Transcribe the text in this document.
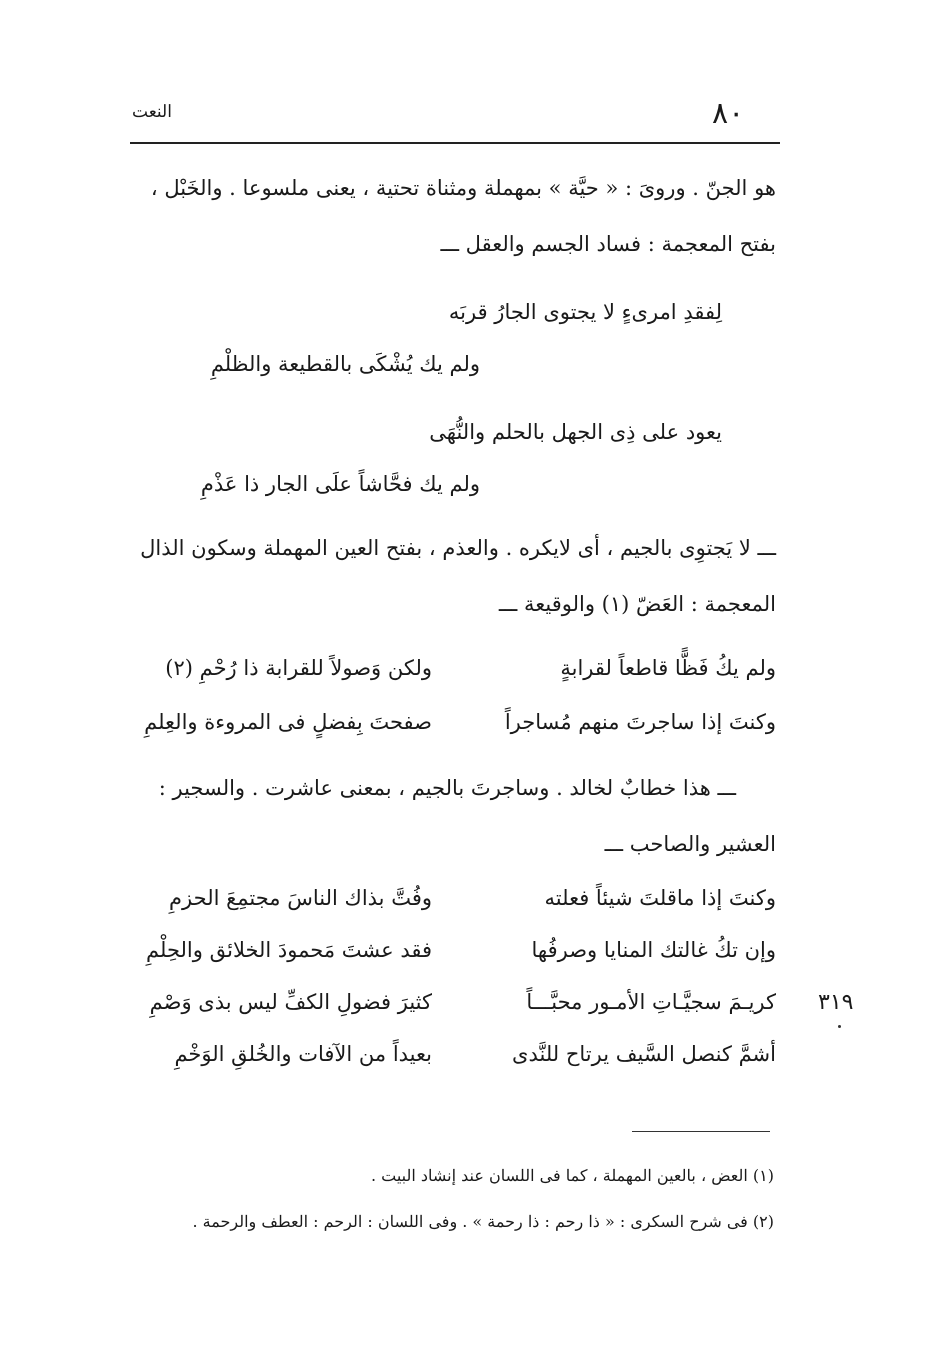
٨٠
النعت
هو الجنّ . وروىَ : « حيَّة » بمهملة ومثناة تحتية ، يعنى ملسوعا . والخَبْل ،
بفتح المعجمة : فساد الجسم والعقل ـــ
لِفقدِ امرىءٍ لا يجتوى الجارُ قربَه
ولم يك يُشْكَى بالقطيعة والظلْمِ
يعود على ذِى الجهل بالحلم والنُّهَى
ولم يك فحَّاشاً علَى الجار ذا عَذْمِ
ـــ لا يَجتوِى بالجيم ، أى لايكره . والعذم ، بفتح العين المهملة وسكون الذال
المعجمة : العَضّ (١) والوقيعة ـــ
ولم يكُ فَظًّا قاطعاً لقرابةٍ
ولكن وَصولاً للقرابة ذا رُحْمِ (٢)
وكنتَ إذا ساجرتَ منهم مُساجراً
صفحتَ بِفضلٍ فى المروءة والعِلمِ
ـــ هذا خطابٌ لخالد . وساجرتَ بالجيم ، بمعنى عاشرت . والسجير :
العشير والصاحب ـــ
وكنتَ إذا ماقلتَ شيئاً فعلته
وفُتَّ بذاك الناسَ مجتمِعَ الحزمِ
وإن تكُ غالتك المنايا وصرفُها
فقد عشتَ مَحمودَ الخلائق والحِلْمِ
كريـمَ سجيَّـاتِ الأمـور محبَّـــاً
كثيرَ فضولِ الكفِّ ليس بذى وَصْمِ
أشمَّ كنصل السَّيف يرتاح للنَّدى
بعيداً من الآفات والخُلقِ الوَخْمِ
٣١٩
(١) العض ، بالعين المهملة ، كما فى اللسان عند إنشاد البيت .
(٢) فى شرح السكرى : « ذا رحم : ذا رحمة » . وفى اللسان : الرحم : العطف والرحمة .
